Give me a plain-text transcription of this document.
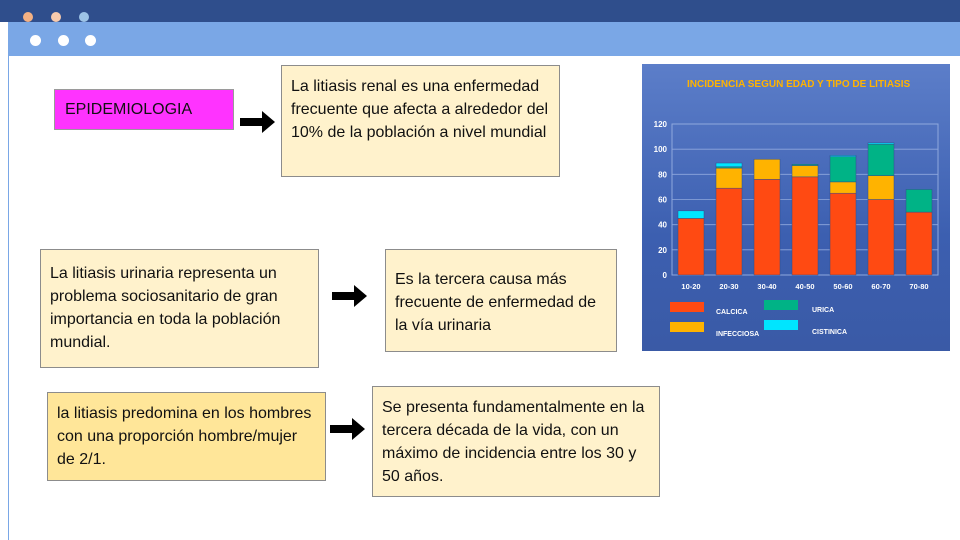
EPIDEMIOLOGIA
La litiasis renal es una enfermedad frecuente que afecta a alrededor del 10% de la población a nivel mundial
La litiasis urinaria representa un problema sociosanitario de gran importancia en toda la población mundial.
Es la tercera causa más frecuente de enfermedad de la vía urinaria
la litiasis predomina en los hombres con una proporción hombre/mujer de 2/1.
Se presenta fundamentalmente en la tercera década de la vida, con un máximo de incidencia entre los 30 y 50 años.
INCIDENCIA SEGUN EDAD Y TIPO DE LITIASIS
0
20
40
60
80
100
120
10-20	20-30	30-40	40-50	50-60	60-70	70-80
CALCICA
INFECCIOSA
URICA
CISTINICA
